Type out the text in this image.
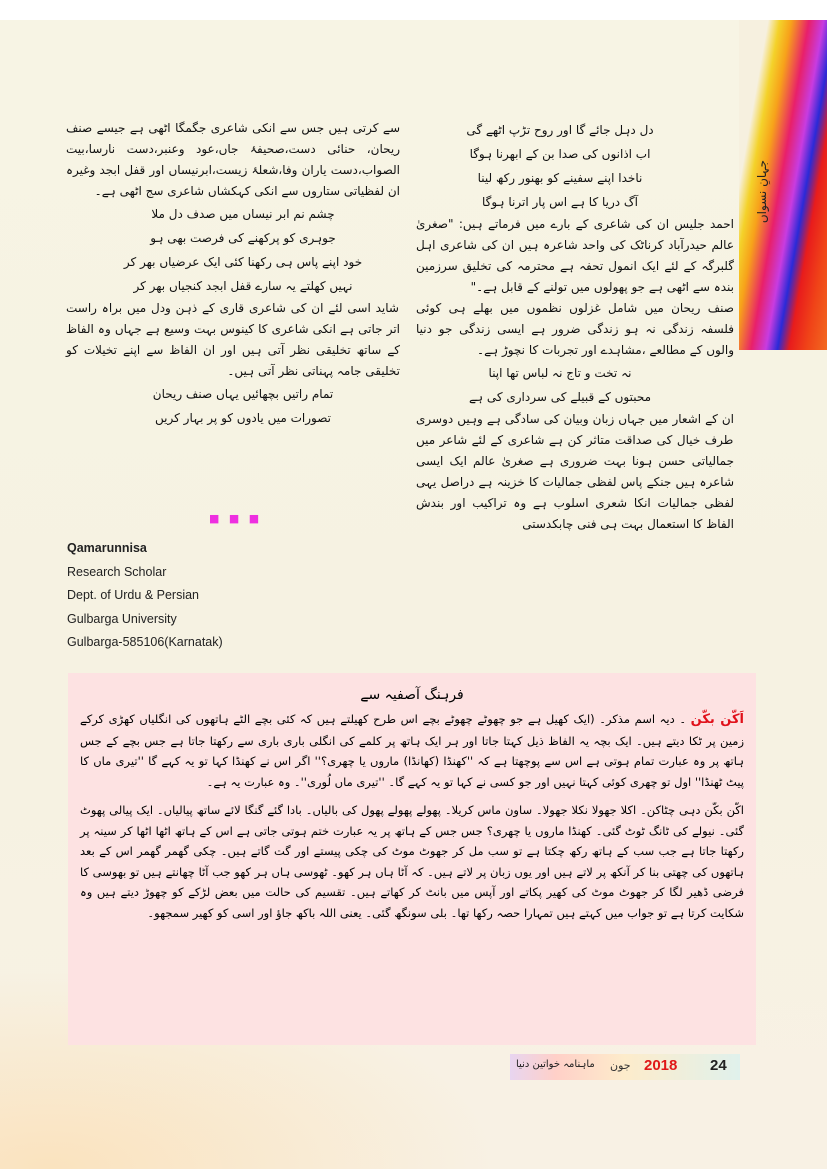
جہانِ نسواں

دل دہل جائے گا اور روح تڑپ اٹھے گی

اب اذانوں کی صدا بن کے ابھرنا ہوگا

ناخدا اپنے سفینے کو بھنور رکھ لینا

آگ دریا کا ہے اس پار اترنا ہوگا

احمد جلیس ان کی شاعری کے بارے میں فرماتے ہیں:"صغریٰ عالم حیدرآباد کرناٹک کی واحد شاعرہ ہیں ان کیشاعری اہل گلبرگہ کے لئے ایک انمول تحفہ ہے محترمہ کیتخلیق سرزمین بندہ سے اٹھی ہے جو پھولوں میں تولنے کےقابل ہے۔"
صنف ریحان میں شامل غزلوں نظموں میں بھلے ہی کوئی فلسفہزندگی نہ ہو زندگی ضرور ہے ایسی زندگی جو دنیا والوں کے مطالعے،مشاہدے اور تجربات کا نچوڑ ہے۔

نہ تخت و تاج نہ لباس تھا اپنا

محبتوں کے قبیلے کی سرداری کی ہے

ان کے اشعار میں جہاں زبان وبیان کی سادگی ہے وہیںدوسری طرف خیال کی صداقت متاثر کن ہے شاعری کے لئے شاعر میںجمالیاتی حسن ہونا بہت ضروری ہے صغریٰ عالم ایک ایسی شاعرہ ہیں جنکےپاس لفظی جمالیات کا خزینہ ہے دراصل یہی لفظی جمالیات انکا شعریاسلوب ہے وہ تراکیب اور بندش الفاظ کا استعمال بہت ہی فنی چابکدستی
سے کرتی ہیں جس سے انکی شاعری جگمگا اٹھی ہے جیسے صنف ریحان،حنائی دست،صحیفۂ جاں،عود وعنبر،دست نارسا،بیت الصواب،دست یارانوفا،شعلۂ زیست،ابرنیساں اور قفل ابجد وغیرہ ان لفظیاتی ستاروں سے انکیکہکشاں شاعری سج اٹھی ہے۔

چشم نم ابر نیساں میں صدف دل ملا

جوہری کو پرکھنے کی فرصت بھی ہو

خود اپنے پاس ہی رکھنا کئی ایک عرضیاں بھر کر

نہیں کھلتے یہ سارے قفل ابجد کنجیاں بھر کر

شاید اسی لئے ان کی شاعری قاری کے ذہن ودل میں براہ راستاتر جاتی ہے انکی شاعری کا کینوس بہت وسیع ہے جہاں وہ الفاظ کےساتھ تخلیقی نظر آتی ہیں اور ان الفاظ سے اپنے تخیلات کو تخلیقی جامہ پہناتینظر آتی ہیں۔

تمام راتیں بچھائیں یہاں صنف ریحان

تصورات میں یادوں کو پر بہار کریں

■ ■ ■
Qamarunnisa
Research Scholar
Dept. of Urdu & Persian
Gulbarga University
Gulbarga-585106(Karnatak)
فرہنگ آصفیہ سے

اَکّن بکّن ۔ دیہ اسم مذکر۔ (ایک کھیل ہے جو چھوٹے چھوٹے بچے اس طرح کھیلتے ہیں کہ کئی بچے الٹے ہاتھوں کی انگلیاں کھڑی کرکے زمین پر ٹکا دیتے ہیں۔ ایک بچہ یہ الفاظ ذیل کہتا جاتا اور ہر ایک ہاتھ پر کلمے کی انگلی باری باری سے رکھتا جاتا ہے جس بچے کے جس ہاتھ پر وہ عبارت تمام ہوتی ہے اس سے پوچھتا ہے کہ ''کھنڈا (کھانڈا) ماروں یا چھری؟'' اگر اس نے کھنڈا کہا تو یہ کہے گا ''تیری ماں کا پیٹ ٹھنڈا'' اول تو چھری کوئی کہتا نہیں اور جو کسی نے کہا تو یہ کہے گا۔ ''تیری ماں لُوری''۔ وہ عبارت یہ ہے۔

اکّن بکّن دہی چٹاکن۔ اکلا جھولا نکلا جھولا۔ ساون ماس کریلا۔ پھولے پھولے پھول کی بالیاں۔ بادا گئے گنگا لائے ساتھ پیالیاں۔ ایک پیالی پھوٹ گئی۔ نیولے کی ٹانگ ٹوٹ گئی۔ کھنڈا ماروں یا چھری؟ جس جس کے ہاتھ پر یہ عبارت ختم ہوتی جاتی ہے اس کے ہاتھ اٹھا اٹھا کر سینہ پر رکھتا جاتا ہے جب سب کے ہاتھ رکھ چکتا ہے تو سب مل کر جھوٹ موٹ کی چکی پیستے اور گت گاتے ہیں۔ چکی گھمر گھمر اس کے بعد ہاتھوں کی چھتی بنا کر آنکھ پر لاتے ہیں اور یوں زبان پر لاتے ہیں۔ کہ آٹا ہاں ہر کھو۔ ٹھوسی ہاں ہر کھو جب آٹا چھانتے ہیں تو بھوسی کا فرضی ڈھیر لگا کر جھوٹ موٹ کی کھیر پکاتے اور آپس میں بانٹ کر کھاتے ہیں۔ تقسیم کی حالت میں بعض لڑکے کو چھوڑ دیتے ہیں وہ شکایت کرتا ہے تو جواب میں کہتے ہیں تمہارا حصہ رکھا تھا۔ بلی سونگھ گئی۔ یعنی اللہ باکھ جاؤ اور اسی کو کھیر سمجھو۔

ماہنامہ خواتین دنیا جون 2018 24
